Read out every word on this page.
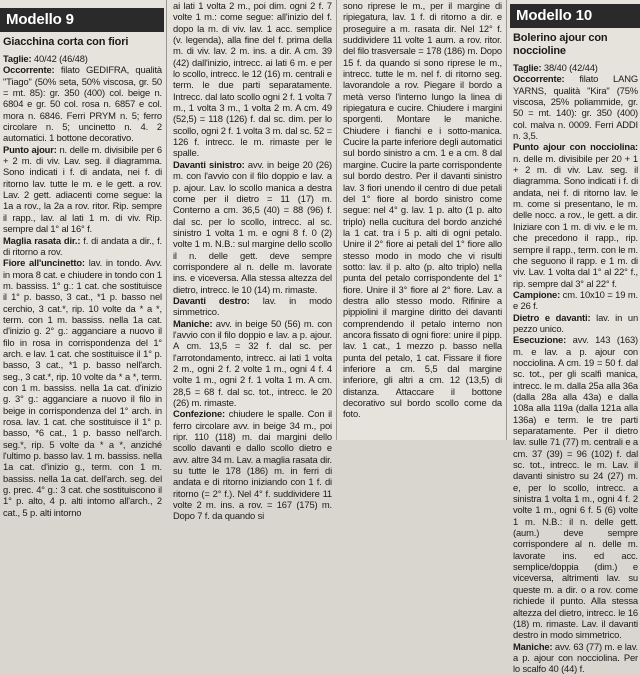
Modello 9
Giacchina corta con fiori

Taglie: 40/42 (46/48)

Occorrente: filato GEDIFRA, qualità "Tiago" (50% seta, 50% viscosa, gr. 50 = mt. 85): gr. 350 (400) col. beige n. 6804 e gr. 50 col. rosa n. 6857 e col. mora n. 6846. Ferri PRYM n. 5; ferro circolare n. 5; uncinetto n. 4. 2 automatici. 1 bottone decorativo.

Punto ajour: n. delle m. divisibile per 6 + 2 m. di viv. Lav. seg. il diagramma. Sono indicati i f. di andata, nei f. di ritorno lav. tutte le m. e le gett. a rov. Lav. 2 gett. adiacenti come segue: la 1a a rov., la 2a a rov. ritor. Rip. sempre il rapp., lav. al lati 1 m. di viv. Rip. sempre dal 1° al 16° f.

Maglia rasata dir.: f. di andata a dir., f. di ritorno a rov.

Fiore all'uncinetto: lav. in tondo. Avv. in mora 8 cat. e chiudere in tondo con 1 m. bassiss. 1° g.: 1 cat. che sostituisce il 1° p. basso, 3 cat., *1 p. basso nel cerchio, 3 cat.*, rip. 10 volte da * a *, term. con 1 m. bassiss. nella 1a cat. d'inizio g. 2° g.: agganciare a nuovo il filo in rosa in corrispondenza del 1° arch. e lav. 1 cat. che sostituisce il 1° p. basso, 3 cat., *1 p. basso nell'arch. seg., 3 cat.*, rip. 10 volte da * a *, term. con 1 m. bassiss. nella 1a cat. d'inizio g. 3° g.: agganciare a nuovo il filo in beige in corrispondenza del 1° arch. in rosa. lav. 1 cat. che sostituisce il 1° p. basso, *6 cat., 1 p. basso nell'arch. seg.*, rip. 5 volte da * a *, anziché l'ultimo p. basso lav. 1 m. bassiss. nella 1a cat. d'inizio g., term. con 1 m. bassiss. nella 1a cat. dell'arch. seg. del g. prec. 4° g.: 3 cat. che sostituiscono il 1° p. alto, 4 p. alti intorno all'arch., 2 cat., 5 p. alti intorno

ai lati 1 volta 2 m., poi dim. ogni 2 f. 7 volte 1 m.: come segue: all'inizio del f. dopo la m. di viv. lav. 1 acc. semplice (v. legenda), alla fine del f. prima della m. di viv. lav. 2 m. ins. a dir. A cm. 39 (42) dall'inizio, intrecc. ai lati 6 m. e per lo scollo, intrecc. le 12 (16) m. centrali e term. le due parti separatamente. Intrecc. dal lato scollo ogni 2 f. 1 volta 7 m., 1 volta 3 m., 1 volta 2 m. A cm. 49 (52,5) = 118 (126) f. dal sc. dim. per lo scollo, ogni 2 f. 1 volta 3 m. dal sc. 52 = 126 f. intrecc. le m. rimaste per le spalle.

Davanti sinistro: avv. in beige 20 (26) m. con l'avvio con il filo doppio e lav. a p. ajour. Lav. lo scollo manica a destra come per il dietro = 11 (17) m. Conterno a cm. 36,5 (40) = 88 (96) f. dal sc. per lo scollo, intrecc. al sc. sinistro 1 volta 1 m. e ogni 8 f. 0 (2) volte 1 m. N.B.: sul margine dello scollo il n. delle gett. deve sempre corrispondere al n. delle m. lavorate ins. e viceversa. Alla stessa altezza del dietro, intrecc. le 10 (14) m. rimaste.

Davanti destro: lav. in modo simmetrico.

Maniche: avv. in beige 50 (56) m. con l'avvio con il filo doppio e lav. a p. ajour. A cm. 13,5 = 32 f. dal sc. per l'arrotondamento, intrecc. ai lati 1 volta 2 m., ogni 2 f. 2 volte 1 m., ogni 4 f. 4 volte 1 m., ogni 2 f. 1 volta 1 m. A cm. 28,5 = 68 f. dal sc. tot., intrecc. le 20 (26) m. rimaste.

Confezione: chiudere le spalle. Con il ferro circolare avv. in beige 34 m., poi ripr. 110 (118) m. dai margini dello scollo davanti e dallo scollo dietro e avv. altre 34 m. Lav. a maglia rasata dir. su tutte le 178 (186) m. in ferri di andata e di ritorno iniziando con 1 f. di ritorno (= 2° f.). Nel 4° f. suddividere 11 volte 2 m. ins. a rov. = 167 (175) m. Dopo 7 f. da quando si

sono riprese le m., per il margine di ripiegatura, lav. 1 f. di ritorno a dir. e proseguire a m. rasata dir. Nel 12° f. suddividere 11 volte 1 aum. a rov. ritor. del filo trasversale = 178 (186) m. Dopo 15 f. da quando si sono riprese le m., intrecc. tutte le m. nel f. di ritorno seg. lavorandole a rov. Piegare il bordo a metà verso l'interno lungo la linea di ripiegatura e cucire. Chiudere i margini sporgenti. Montare le maniche. Chiudere i fianchi e i sotto-manica. Cucire la parte inferiore degli automatici sul bordo sinistro a cm. 1 e a cm. 8 dal margine. Cucire la parte corrispondente sul bordo destro. Per il davanti sinistro lav. 3 fiori unendo il centro di due petali del 1° fiore al bordo sinistro come segue: nel 4° g. lav. 1 p. alto (1 p. alto triplo) nella cucitura del bordo anziché la 1 cat. tra i 5 p. alti di ogni petalo. Unire il 2° fiore ai petali del 1° fiore allo stesso modo in modo che vi risulti sotto: lav. il p. alto (p. alto triplo) nella punta del petalo corrispondente del 1° fiore. Unire il 3° fiore al 2° fiore. Lav. a destra allo stesso modo. Rifinire a pippiolini il margine diritto dei davanti comprendendo il petalo interno non ancora fissato di ogni fiore: unire il pipp. lav. 1 cat., 1 mezzo p. basso nella punta del petalo, 1 cat. Fissare il fiore inferiore a cm. 5,5 dal margine inferiore, gli altri a cm. 12 (13,5) di distanza. Attaccare il bottone decorativo sul bordo scollo come da foto.

Modello 10
Bolerino ajour con noccioline

Taglie: 38/40 (42/44)

Occorrente: filato LANG YARNS, qualità "Kira" (75% viscosa, 25% poliammide, gr. 50 = mt. 140): gr. 350 (400) col. malva n. 0009. Ferri ADDI n. 3,5.

Punto ajour con nocciolina: n. delle m. divisibile per 20 + 1 + 2 m. di viv. Lav. seg. il diagramma. Sono indicati i f. di andata, nei f. di ritorno lav. le m. come si presentano, le m. delle nocc. a rov., le gett. a dir. Iniziare con 1 m. di viv. e le m. che precedono il rapp., rip. sempre il rapp., term. con le m. che seguono il rapp. e 1 m. di viv. Lav. 1 volta dal 1° al 22° f., rip. sempre dal 3° al 22° f.

Campione: cm. 10x10 = 19 m. e 26 f.

Dietro e davanti: lav. in un pezzo unico.

Esecuzione: avv. 143 (163) m. e lav. a p. ajour con nocciolina. A cm. 19 = 50 f. dal sc. tot., per gli scalfi manica, intrecc. le m. dalla 25a alla 36a (dalla 28a alla 43a) e dalla 108a alla 119a (dalla 121a alla 136a) e term. le tre parti separatamente. Per il dietro lav. sulle 71 (77) m. centrali e a cm. 37 (39) = 96 (102) f. dal sc. tot., intrecc. le m. Lav. il davanti sinistro su 24 (27) m. e, per lo scollo, intrecc. a sinistra 1 volta 1 m., ogni 4 f. 2 volte 1 m., ogni 6 f. 5 (6) volte 1 m. N.B.: il n. delle gett. (aum.) deve sempre corrispondere al n. delle m. lavorate ins. ed acc. semplice/doppia (dim.) e viceversa, altrimenti lav. su queste m. a dir. o a rov. come richiede il punto. Alla stessa altezza del dietro, intrecc. le 16 (18) m. rimaste. Lav. il davanti destro in modo simmetrico.

Maniche: avv. 63 (77) m. e lav. a p. ajour con nocciolina. Per lo scalfo 40 (44) f.
